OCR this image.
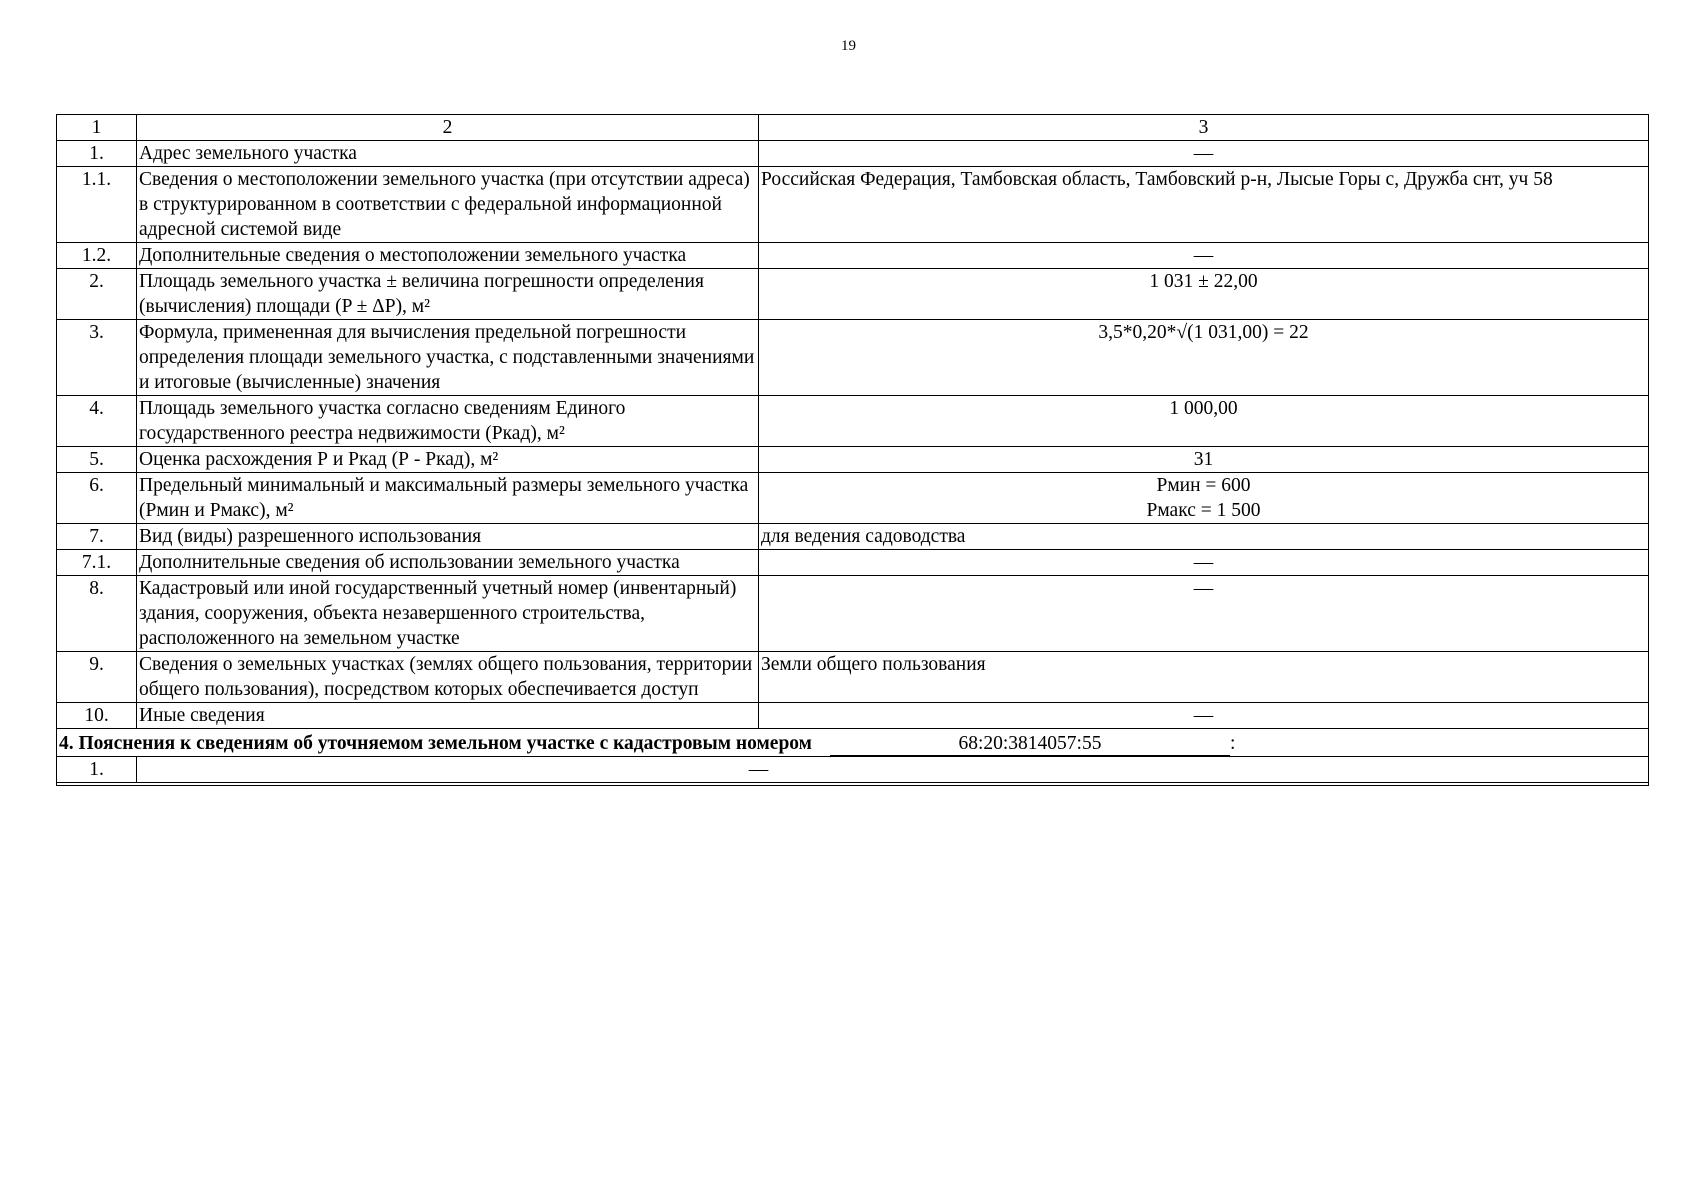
19
1	2	3
1.	Адрес земельного участка	—
1.1.	Сведения о местоположении земельного участка (при отсутствии адреса) в структурированном в соответствии с федеральной информационной адресной системой виде	Российская Федерация, Тамбовская область, Тамбовский р-н, Лысые Горы с, Дружба снт, уч 58
1.2.	Дополнительные сведения о местоположении земельного участка	—
2.	Площадь земельного участка ± величина погрешности определения (вычисления) площади (P ± ΔP), м²	1 031 ± 22,00
3.	Формула, примененная для вычисления предельной погрешности определения площади земельного участка, с подставленными значениями и итоговые (вычисленные) значения	3,5*0,20*√(1 031,00) = 22
4.	Площадь земельного участка согласно сведениям Единого государственного реестра недвижимости (Ркад), м²	1 000,00
5.	Оценка расхождения Р и Ркад (Р - Ркад), м²	31
6.	Предельный минимальный и максимальный размеры земельного участка (Рмин и Рмакс), м²	Рмин = 600
Рмакс = 1 500

7.	Вид (виды) разрешенного использования	для ведения садоводства
7.1.	Дополнительные сведения об использовании земельного участка	—
8.	Кадастровый или иной государственный учетный номер (инвентарный) здания, сооружения, объекта незавершенного строительства, расположенного на земельном участке	—
9.	Сведения о земельных участках (землях общего пользования, территории общего пользования), посредством которых обеспечивается доступ	Земли общего пользования
10.	Иные сведения	—
4. Пояснения к сведениям об уточняемом земельном участке с кадастровым номером 68:20:3814057:55 :		
1.	—	
